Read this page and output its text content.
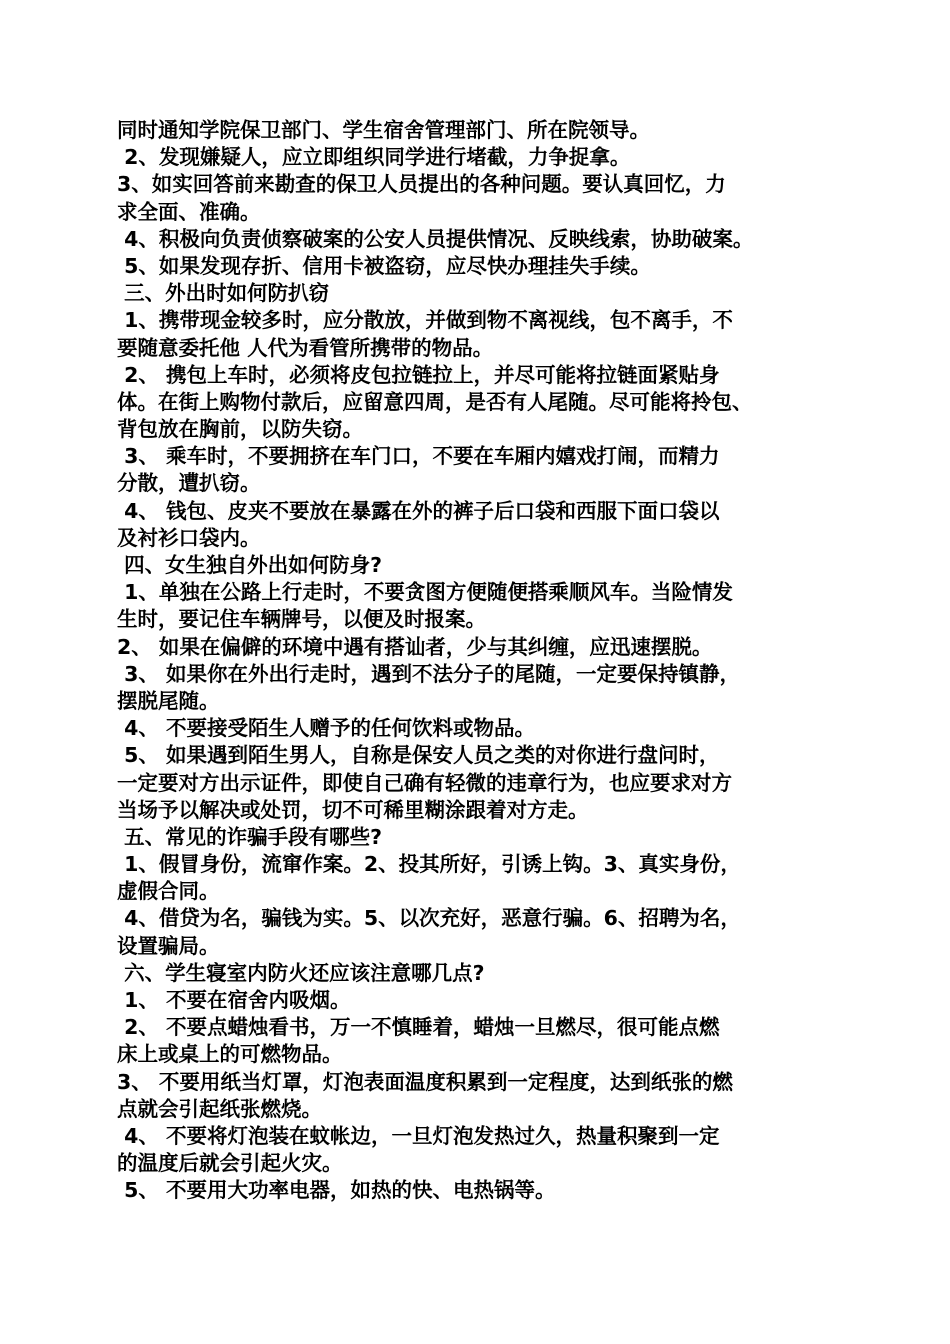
同时通知学院保卫部门、学生宿舍管理部门、所在院领导。

2、发现嫌疑人，应立即组织同学进行堵截，力争捉拿。

3、如实回答前来勘查的保卫人员提出的各种问题。要认真回忆，力

求全面、准确。

4、积极向负责侦察破案的公安人员提供情况、反映线索，协助破案。

5、如果发现存折、信用卡被盗窃，应尽快办理挂失手续。

三、外出时如何防扒窃

1、携带现金较多时，应分散放，并做到物不离视线，包不离手，不

要随意委托他 人代为看管所携带的物品。

2、 携包上车时，必须将皮包拉链拉上，并尽可能将拉链面紧贴身

体。在街上购物付款后，应留意四周，是否有人尾随。尽可能将拎包、

背包放在胸前，以防失窃。

3、 乘车时，不要拥挤在车门口，不要在车厢内嬉戏打闹，而精力

分散，遭扒窃。

4、 钱包、皮夹不要放在暴露在外的裤子后口袋和西服下面口袋以

及衬衫口袋内。

四、女生独自外出如何防身?

1、单独在公路上行走时，不要贪图方便随便搭乘顺风车。当险情发

生时，要记住车辆牌号，以便及时报案。

2、 如果在偏僻的环境中遇有搭讪者，少与其纠缠，应迅速摆脱。

3、 如果你在外出行走时，遇到不法分子的尾随，一定要保持镇静，

摆脱尾随。

4、 不要接受陌生人赠予的任何饮料或物品。

5、 如果遇到陌生男人，自称是保安人员之类的对你进行盘问时，

一定要对方出示证件，即使自己确有轻微的违章行为，也应要求对方

当场予以解决或处罚，切不可稀里糊涂跟着对方走。

五、常见的诈骗手段有哪些?

1、假冒身份，流窜作案。2、投其所好，引诱上钩。3、真实身份，

虚假合同。

4、借贷为名，骗钱为实。5、以次充好，恶意行骗。6、招聘为名，

设置骗局。

六、学生寝室内防火还应该注意哪几点?

1、 不要在宿舍内吸烟。

2、 不要点蜡烛看书，万一不慎睡着，蜡烛一旦燃尽，很可能点燃

床上或桌上的可燃物品。

3、 不要用纸当灯罩，灯泡表面温度积累到一定程度，达到纸张的燃

点就会引起纸张燃烧。

4、 不要将灯泡装在蚊帐边，一旦灯泡发热过久，热量积聚到一定

的温度后就会引起火灾。

5、 不要用大功率电器，如热的快、电热锅等。
